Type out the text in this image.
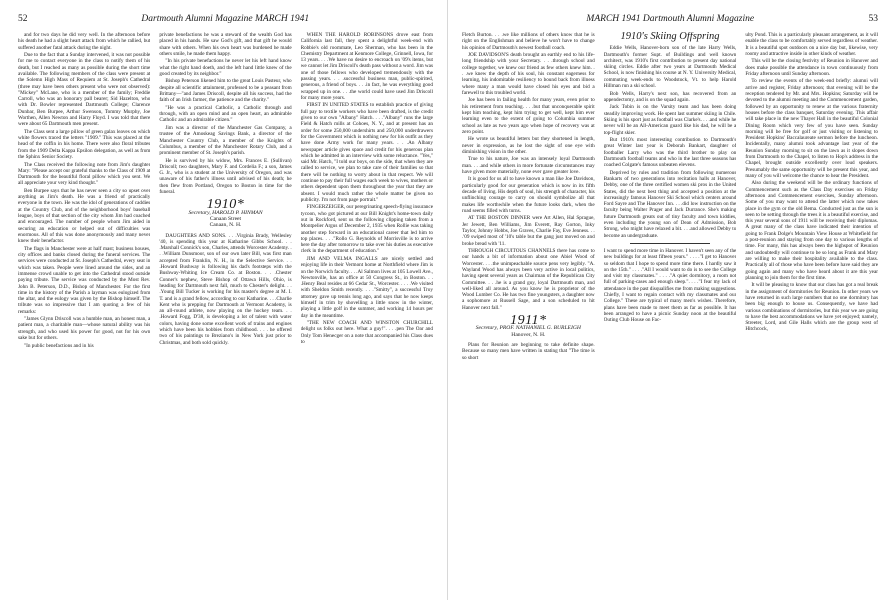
52	Dartmouth Alumni Magazine MARCH 1941

and for two days he did very well. In the afternoon before his death he had a slight heart attack from which he rallied, but suffered another fatal attack during the night.

Due to the fact that a Sunday intervened, it was not possible for me to contact everyone in the class to notify them of his death, but I reached as many as possible during the short time available. The following members of the class were present at the Solemn High Mass of Requiem at St. Joseph's Cathedral (three may have been others present who were not observed): "Mickey" McLane, who is a member of the family; Freddie Carroll, who was an honorary pall bearer; Sid Hazelton, who with Dr. Bowler represented Dartmouth College; Clarence Dunbar, Ben Burpee, Arthur Swenson, Tommy Murphy, Joe Worthen, Allen Newton and Harry Floyd. I was told that there were about 65 Dartmouth men present.

The Class sent a large pillow of green galax leaves on which white flowers traced the letters "1909." This was placed at the head of the coffin in his home. There were also floral tributes from the 1909 Delta Kappa Epsilon delegation, as well as from the Sphinx Senior Society.

The Class received the following note from Jim's daughter Mary: "Please accept our grateful thanks to the Class of 1909 at Dartmouth for the beautiful floral pillow which you sent. We all appreciate your very kind thought."

Ben Burpee says that he has never seen a city so upset over anything as Jim's death. He was a friend of practically everyone in the town. He was the idol of generations of caddies at the Country Club, and of the neighborhood boys' baseball league, boys of that section of the city whom Jim had coached and encouraged. The number of people whom Jim aided in securing an education or helped out of difficulties was enormous. All of this was done anonymously and many never knew their benefactor.

The flags in Manchester were at half mast; business houses, city offices and banks closed during the funeral services. The services were conducted at St. Joseph's Cathedral, every seat in which was taken. People were lined around the sides, and an immense crowd unable to get into the Cathedral stood outside paying tribute. The service was conducted by the Most Rev. John B. Peterson, D.D., Bishop of Manchester. For the first time in the history of the Parish a layman was eulogized from the altar, and the eulogy was given by the Bishop himself. The tribute was so impressive that I am quoting a few of his remarks:

"James Glynn Driscoll was a humble man, an honest man, a patient man, a charitable man—whose natural ability was his strength, and who used his power for good, not for his own sake but for others.

"In public benefactions and in his

private benefactions he was a steward of the wealth God has placed in his hands. He saw God's gift, and that gift he would share with others. When his own heart was burdened he made others smile, he made them happy.

"In his private benefactions he never let his left hand know what the right hand doeth, and the left hand little knew of the good created by its neighbor."

Bishop Peterson likened him to the great Louis Pasteur, who despite all scientific attainment, professed to be a peasant from Brittany—"and James Driscoll, despite all his success, had the faith of an Irish farmer, the patience and the charity."

"He was a practical Catholic, a Catholic through and through, with an open mind and an open heart, an admirable Catholic and an admirable citizen."

Jim was a director of the Manchester Gas Company, a trustee of the Amoskeag Savings Bank, a director of the Manchester Country Club, a member of the Knights of Columbus, a member of the Manchester Rotary Club, and a prominent member of St. Joseph's parish.

He is survived by his widow, Mrs. Frances E. (Sullivan) Driscoll; two daughters, Mary F. and Cordelia F.; a son, James G. Jr., who is a student at the University of Oregon, and was unaware of his father's illness until advised of his death; he then flew from Portland, Oregon to Boston in time for the funeral.

1910*
Secretary, HAROLD P. HINMAN
Canaan Street
Canaan, N. H.

DAUGHTERS AND SONS. . . .Virginia Brady, Wellesley '40, is spending this year at Katharine Gibbs School. . . .Marshall Connick's son, Charles, attends Worcester Academy. . . .William Dunsmoor, son of our own later Bill, was first man accepted from Franklin, N. H., in the Selective Service. . . .Howard Bushway is following his dad's footsteps with the Bushway-Whiting Ice Cream Co. at Boston. . . .Chester Conner's nephew, Steve Bishop of Ottawa Hills, Ohio, is heading for Dartmouth next fall, much to Chester's delight. . . .Young Bill Tucker is working for his master's degree at M. I. T. and is a grand fellow, according to our Katharine. . . .Charlie Kent who is prepping for Dartmouth at Vermont Academy, is an all-round athlete, now playing on the hockey team. . . .Howard Fogg, D'38, is developing a lot of talent with water colors, having done some excellent work of trains and engines which have been his hobbies from childhood. . . . he offered two of his paintings to Breziano's in New York just prior to Christmas, and both sold quickly.

WHEN THE HAROLD ROBINSONS drove east from California last fall, they spent a delightful week-end with Robbie's old roommate, Leo Sherman, who has been in the Chemistry Department at Kenmore College, Grinnell, Iowa, for 13 years. . . .We have no desire to encroach on '09's items, but we cannot let Jim Driscoll's death pass without a word. Jim was one of those fellows who developed tremendously with the passing years. . . .successful business man, public-spirited, generous, a friend of boys. . . .in fact, he was everything good wrapped up in one. . . .the world could have used Jim Driscoll for many more years.

FIRST IN UNITED STATES to establish practice of giving full pay to textile workers who have been drafted, is the credit given to our own "Albany" Hatch. . . ."Albany" runs the large Field & Hatch mills at Cohoes, N. Y., and at present has an order for some 250,000 undershirts and 250,000 underdrawers for the Government which is nothing new for his outfit as they have done Army work for many years. . . .An Albany newspaper article gives space and credit for his generous plan which he admitted in an interview with some reluctance. "Yes," said Mr. Hatch, "I told our boys, on the side, that when they are called to service, we plan to take care of their families so that there will be nothing to worry about in that respect. We will continue to pay their full wages each week to wives, mothers or others dependent upon them throughout the year that they are absent. I would much rather the whole matter be given no publicity. I'm not from page portrait."

FINGERZEIGER, our peregrinating speech-flying insurance tycoon, who got pictured at our Bill Knight's home-town daily out in Rockford, sent us the following clipping taken from a Montpelier Argus of December 2, 1935 when Rollie was taking another step forward in an educational career that led him to top places. . . ."Rollo G. Reynolds of Morrisville is to arrive here the day after tomorrow to take over his duties as executive clerk in the department of education."

JIM AND VELMA INGALLS are nicely settled and enjoying life in their Vermont home at Northfield where Jim is on the Norwich faculty. . . .Al Salmon lives at 105 Lowell Ave., Newtonville, has an office at 50 Congress St., in Boston. . . .Henry Beal resides at 66 Cedar St., Worcester. . . . .We visited with Sheldon Smith recently. . . ."Smitty", a successful Troy attorney gave up tennis long ago, and says that he now keeps himself in trim by shovelling a little snow in the winter, playing a little golf in the summer, and working 14 hours per day in the meantime.

"THE NEW COACH AND WINSTON CHURCHILL delight us folks out here. What a guy!". . . .pen The Oar and Only Tom Henecger on a note that accompanied his Class dues to

MARCH 1941 Dartmouth Alumni Magazine	53

Fletch Burton. . . .we like millions of others know that he is right on the Englishman and believe he won't have to change his opinion of Dartmouth's newest football coach.

JOE DAVIDSON'S death brought an earthly end to his life-long friendship with your Secretary. . . .through school and college together, we knew our friend as few others knew him. . . .we knew the depth of his soul, his constant eagerness for learning, his indomitable resiliency to bound back from illness where many a man would have closed his eyes and bid a farewell to this troubled world.

Joe has been in failing health for many years, even prior to his retirement from teaching. . . .but that unconquerable spirit kept him teaching, kept him trying to get well, kept him ever learning even to the extent of going to Columbia summer school as late as two years ago when hope of recovery was at zero point.

He wrote us beautiful letters but they shortened in length, never in expression, as he lost the sight of one eye with diminishing vision in the other.

True to his nature, Joe was an intensely loyal Dartmouth man. . . .and while others in more fortunate circumstances may have given more materially, none ever gave greater love.

It is good for us all to have known a man like Joe Davidson, particularly good for our generation which is now in its fifth decade of living. His depth of soul, his strength of character, his unflinching courage to carry on should symbolize all that makes life worthwhile when the future looks dark, when the road seems filled with turns.

AT THE BOSTON DINNER were Art Allen, Hal Sprague, Jer Jewett, Ben Williams, Jim Everett, Ray Gorton, Inky Taylor, Johnny Hobbs, Joe Graves, Charlie Fay, Eve Jenness. . . .'09 swiped most of '10's table but the gang just moved on and broke bread with '11.

THROUGH CIRCUITOUS CHANNELS there has come to our hands a bit of information about one Abiel Wood of Worcester. . . .the unimpeachable source pens very legibly. "A. Wayland Wood has always been very active in local politics, having spent several years as Chairman of the Republican City Committee. . . .he is a grand guy, loyal Dartmouth man, and well-liked all around. As you know he is proprietor of the Wood Lumber Co. He has two fine youngsters, a daughter now a sophomore at Russell Sage, and a son scheduled to hit Hanover next fall."

1911*
Secretary, PROF. NATHANIEL G. BURLEIGH
Hanover, N. H.

Plans for Reunion are beginning to take definite shape. Because so many men have written in stating that "The time is so short

1910's Skiing Offspring

Eddie Wells, Hanover-born son of the late Harry Wells, Dartmouth's former Supt. of Buildings and well known architect, was 1910's first contribution to present day national skiing circles. Eddie after two years at Dartmouth Medical School, is now finishing his course at N. Y. University Medical, commuting week-ends to Woodstock, Vt. to help Harold Hillman run a ski school.

Bob Wells, Harry's next son, has recovered from an appendectomy, and is on the squad again.

Jack Tobin is on the Varsity team and has been doing steadily improving work. He spent last summer skiing in Chile. Skiing is his sport just as football was Clarke's. . . .and while he never will be an All-American guard like his dad, he will be a top-flight skier.

But 1910's most interesting contribution to Dartmouth's great Winter last year is Deborah Bankart, daughter of footballer Larry who was the third brother to play on Dartmouth football teams and who in the last three seasons has coached Colgate's famous unbeaten elevens.

Deprived by rules and tradition from following numerous Bankarts of two generations into recitation halls at Hanover, Debby, one of the three certified women ski pros in the United States, did the next best thing and accepted a position at the increasingly famous Hanover Ski School which centers around Ford Sayre and The Hanover Inn. . . .did low instruction on the faculty being Walter Prager and Jack Durrance. She's making future Dartmouth greats out of tiny faculty and town kiddies, even including the young son of Dean of Admission, Bob Strong, who might have relaxed a bit. . . .and allowed Debby to become an undergraduate.

I want to spend more time in Hanover. I haven't seen any of the new buildings for at least fifteen years." . . . ."I get to Hanover so seldom that I hope to spend more time there. I hardly saw it on the 15th." . . . ."All I would want to do is to see the College and visit my classmates." . . . ."A quiet dormitory, a room not full of parking-cases and enough sleep.". . . ."I fear my lack of attendance in the past disqualifies me from making suggestions. Chiefly, I want to regain contact with my classmates and our College." These are typical of many men's wishes. Therefore, plans have been made to meet them as far as possible. It has been arranged to have a picnic Sunday noon at the beautiful Outing Club House on Fac-

ulty Pond. This is a particularly pleasant arrangement, as it will enable the class to be comfortably served regardless of weather. It is a beautiful spot outdoors on a nice day but, likewise, very roomy and attractive inside in other kinds of weather.

This will be the closing festivity of Reunion in Hanover and does make possible the attendance in town continuously from Friday afternoon until Sunday afternoon.

To review the events of the week-end briefly: alumni will arrive and register, Friday afternoon; that evening will be the reception tendered by Mr. and Mrs. Hopkins; Saturday will be devoted to the alumni meeting and the Commencement garden, followed by an opportunity to renew at the various fraternity houses before the class banquet, Saturday evening. This affair will take place in the new Thayer Hall in the beautiful Colonial Dining Room which very few of you have seen. Sunday morning will be free for golf or just visiting or listening to President Hopkins' Baccalaureate sermon before the luncheon. Incidentally, many alumni took advantage last year of the Reunion Sunday morning to sit on the lawn as it slopes down from Dartmouth to the Chapel, to listen to Hop's address in the Chapel, brought outside excellently over loud speakers. Presumably the same opportunity will be present this year, and many of you will welcome the chance to hear the President.

Also during the weekend will be the ordinary functions of Commencement such as the Class Day exercises on Friday afternoon and Commencement exercises, Sunday afternoon. Some of you may want to attend the latter which now takes place in the gym or the old Bema. Conducted just as the sun is seen to be setting through the trees it is a beautiful exercise, and this year several sons of 1911 will be receiving their diplomas. A great many of the class have indicated their intention of going to Frank Dolge's Mountain View House at Whitefield for a post-reunion and staying from one day to various lengths of time. For many, this has always been the highspot of Reunion and undoubtedly will continue to be so long as Frank and Mary are willing to make their hospitality available to the class. Practically all of those who have been before have said they are going again and many who have heard about it are this year planning to join them for the first time.

It will be pleasing to know that our class has got a real break in the assignment of dormitories for Reunion. In other years we have returned in such large numbers that no one dormitory has been big enough to house us. Consequently, we have had various combinations of dormitories, but this year we are going to have the best accommodations we have yet enjoyed; namely, Streeter, Lord, and Gile Halls which are the group west of Hitchcock,
